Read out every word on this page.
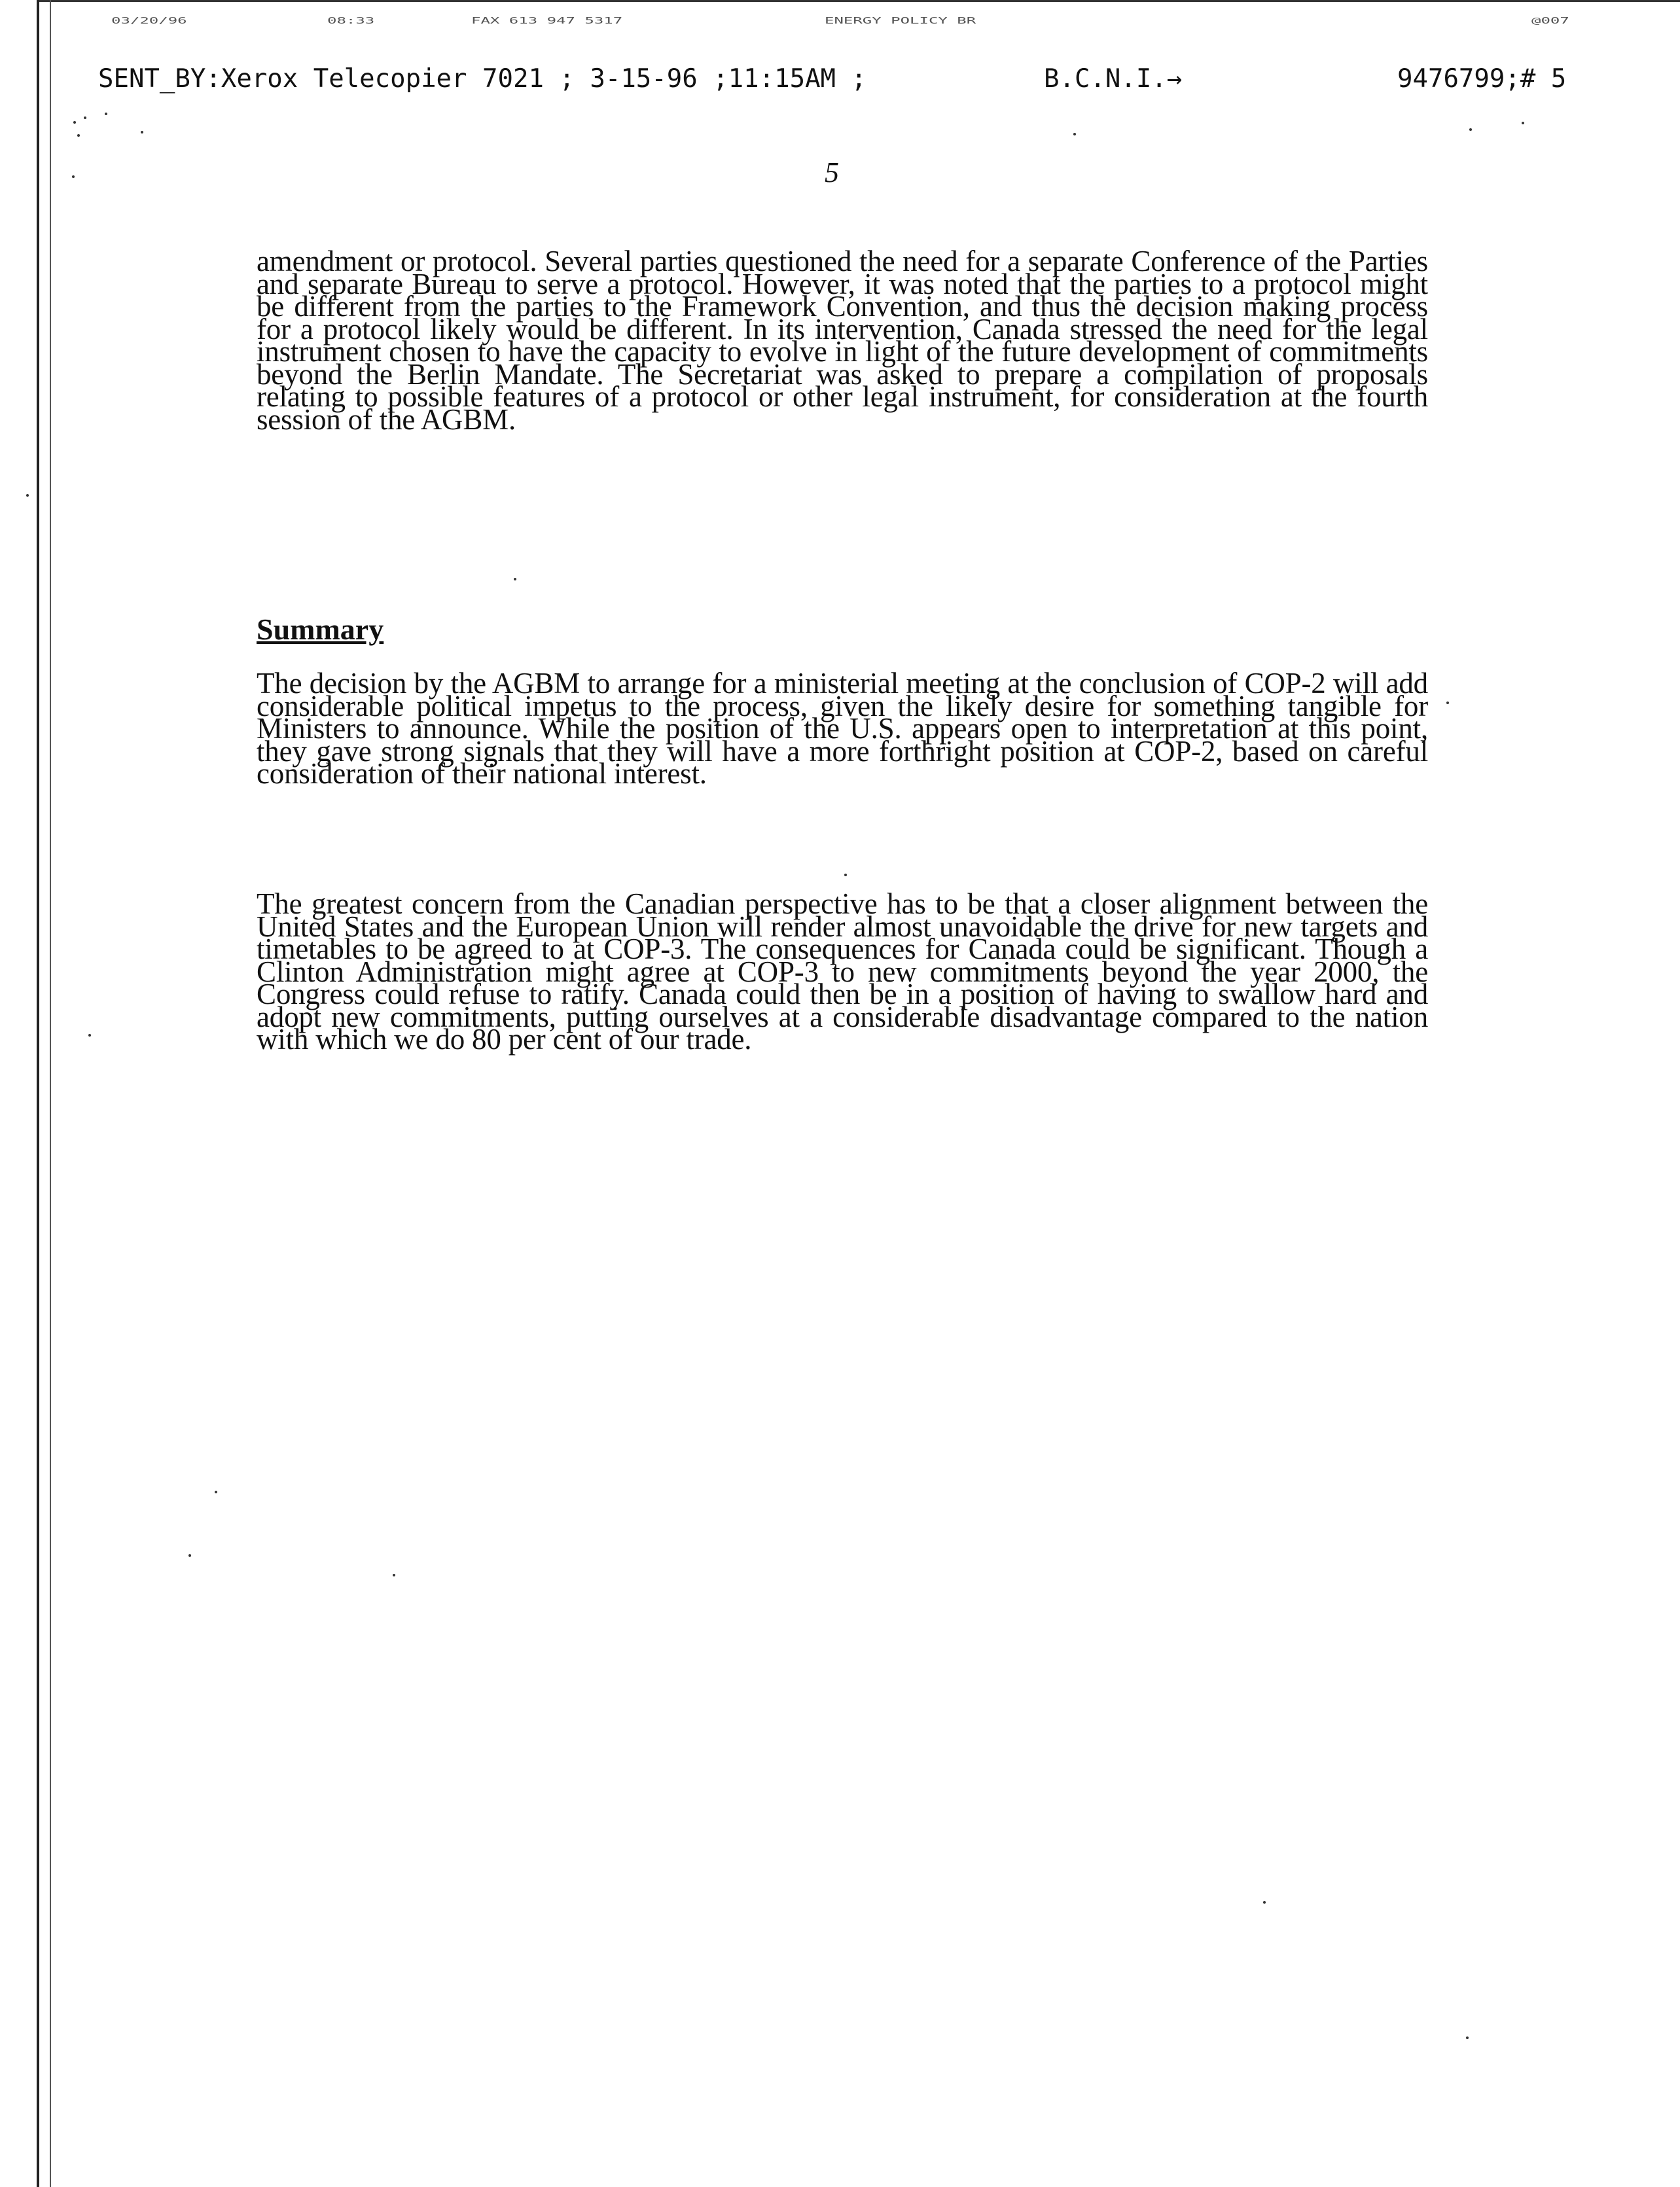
03/20/96	08:33	FAX 613 947 5317	ENERGY POLICY BR	@007
SENT_BY:Xerox Telecopier 7021 ; 3-15-96 ;11:15AM ;	B.C.N.I.→	9476799;# 5
5

amendment or protocol. Several parties questioned the need for a separate Conference of the Parties and separate Bureau to serve a protocol. However, it was noted that the parties to a protocol might be different from the parties to the Framework Convention, and thus the decision making process for a protocol likely would be different. In its intervention, Canada stressed the need for the legal instrument chosen to have the capacity to evolve in light of the future development of commitments beyond the Berlin Mandate. The Secretariat was asked to prepare a compilation of proposals relating to possible features of a protocol or other legal instrument, for consideration at the fourth session of the AGBM.

Summary

The decision by the AGBM to arrange for a ministerial meeting at the conclusion of COP-2 will add considerable political impetus to the process, given the likely desire for something tangible for Ministers to announce. While the position of the U.S. appears open to interpretation at this point, they gave strong signals that they will have a more forthright position at COP-2, based on careful consideration of their national interest.

The greatest concern from the Canadian perspective has to be that a closer alignment between the United States and the European Union will render almost unavoidable the drive for new targets and timetables to be agreed to at COP-3. The consequences for Canada could be significant. Though a Clinton Administration might agree at COP-3 to new commitments beyond the year 2000, the Congress could refuse to ratify. Canada could then be in a position of having to swallow hard and adopt new commitments, putting ourselves at a considerable disadvantage compared to the nation with which we do 80 per cent of our trade.
